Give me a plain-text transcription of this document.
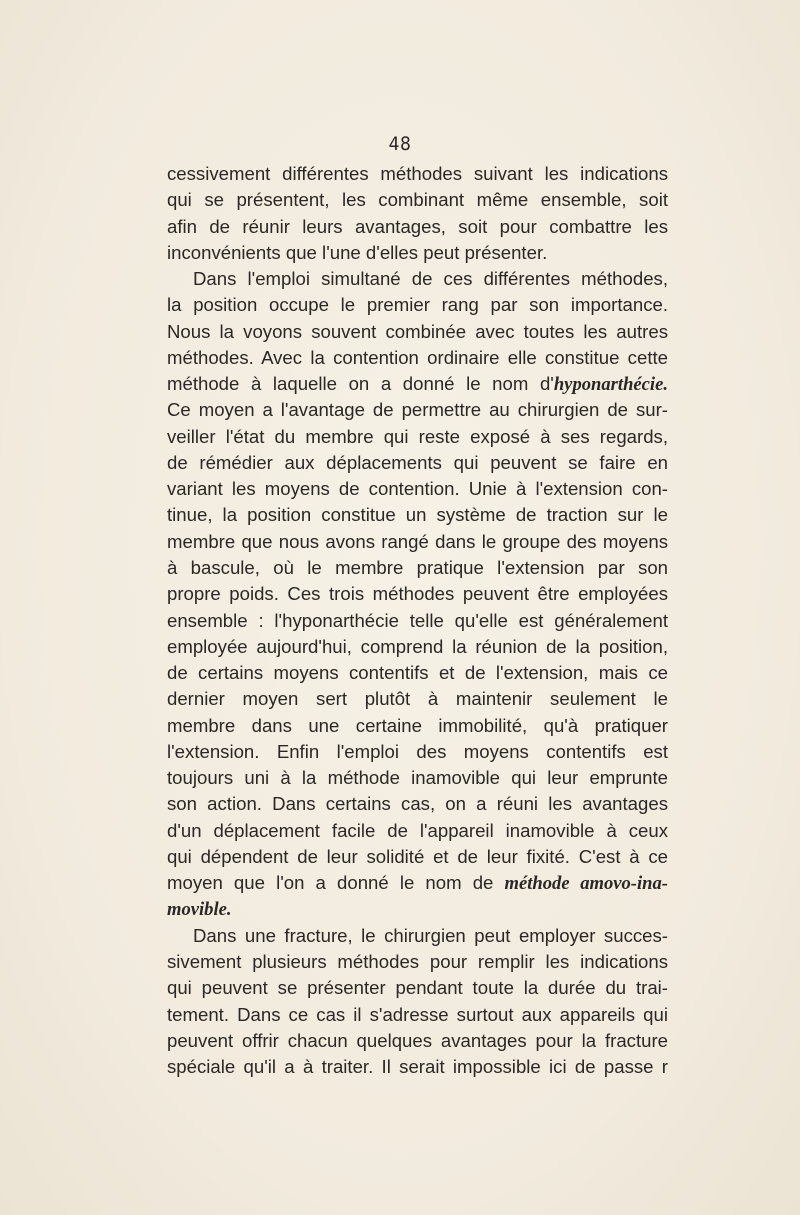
48
cessivement différentes méthodes suivant les indications
qui se présentent, les combinant même ensemble, soit
afin de réunir leurs avantages, soit pour combattre les
inconvénients que l'une d'elles peut présenter.
Dans l'emploi simultané de ces différentes méthodes,
la position occupe le premier rang par son importance.
Nous la voyons souvent combinée avec toutes les autres
méthodes. Avec la contention ordinaire elle constitue cette
méthode à laquelle on a donné le nom d'hyponarthécie.
Ce moyen a l'avantage de permettre au chirurgien de sur-
veiller l'état du membre qui reste exposé à ses regards,
de rémédier aux déplacements qui peuvent se faire en
variant les moyens de contention. Unie à l'extension con-
tinue, la position constitue un système de traction sur le
membre que nous avons rangé dans le groupe des moyens
à bascule, où le membre pratique l'extension par son
propre poids. Ces trois méthodes peuvent être employées
ensemble : l'hyponarthécie telle qu'elle est généralement
employée aujourd'hui, comprend la réunion de la position,
de certains moyens contentifs et de l'extension, mais ce
dernier moyen sert plutôt à maintenir seulement le
membre dans une certaine immobilité, qu'à pratiquer
l'extension. Enfin l'emploi des moyens contentifs est
toujours uni à la méthode inamovible qui leur emprunte
son action. Dans certains cas, on a réuni les avantages
d'un déplacement facile de l'appareil inamovible à ceux
qui dépendent de leur solidité et de leur fixité. C'est à ce
moyen que l'on a donné le nom de méthode amovo-ina-
movible.
Dans une fracture, le chirurgien peut employer succes-
sivement plusieurs méthodes pour remplir les indications
qui peuvent se présenter pendant toute la durée du trai-
tement. Dans ce cas il s'adresse surtout aux appareils qui
peuvent offrir chacun quelques avantages pour la fracture
spéciale qu'il a à traiter. Il serait impossible ici de passe r
